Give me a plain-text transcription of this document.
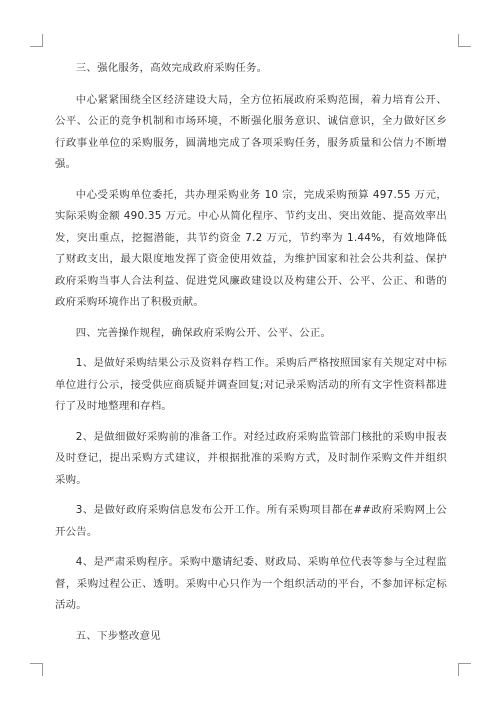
三、强化服务，高效完成政府采购任务。

中心紧紧围绕全区经济建设大局，全方位拓展政府采购范围，着力培育公开、公平、公正的竞争机制和市场环境，不断强化服务意识、诚信意识，全力做好区乡行政事业单位的采购服务，圆满地完成了各项采购任务，服务质量和公信力不断增强。

中心受采购单位委托，共办理采购业务 10 宗，完成采购预算 497.55 万元，实际采购金额 490.35 万元。中心从简化程序、节约支出、突出效能、提高效率出发，突出重点，挖掘潜能，共节约资金 7.2 万元，节约率为 1.44%，有效地降低了财政支出，最大限度地发挥了资金使用效益，为维护国家和社会公共利益、保护政府采购当事人合法利益、促进党风廉政建设以及构建公开、公平、公正、和谐的政府采购环境作出了积极贡献。

四、完善操作规程，确保政府采购公开、公平、公正。

1、是做好采购结果公示及资料存档工作。采购后严格按照国家有关规定对中标单位进行公示，接受供应商质疑并调查回复;对记录采购活动的所有文字性资料都进行了及时地整理和存档。

2、是做细做好采购前的准备工作。对经过政府采购监管部门核批的采购申报表及时登记，提出采购方式建议，并根据批准的采购方式，及时制作采购文件并组织采购。

3、是做好政府采购信息发布公开工作。所有采购项目都在##政府采购网上公开公告。

4、是严肃采购程序。采购中邀请纪委、财政局、采购单位代表等参与全过程监督，采购过程公正、透明。采购中心只作为一个组织活动的平台，不参加评标定标活动。

五、下步整改意见
